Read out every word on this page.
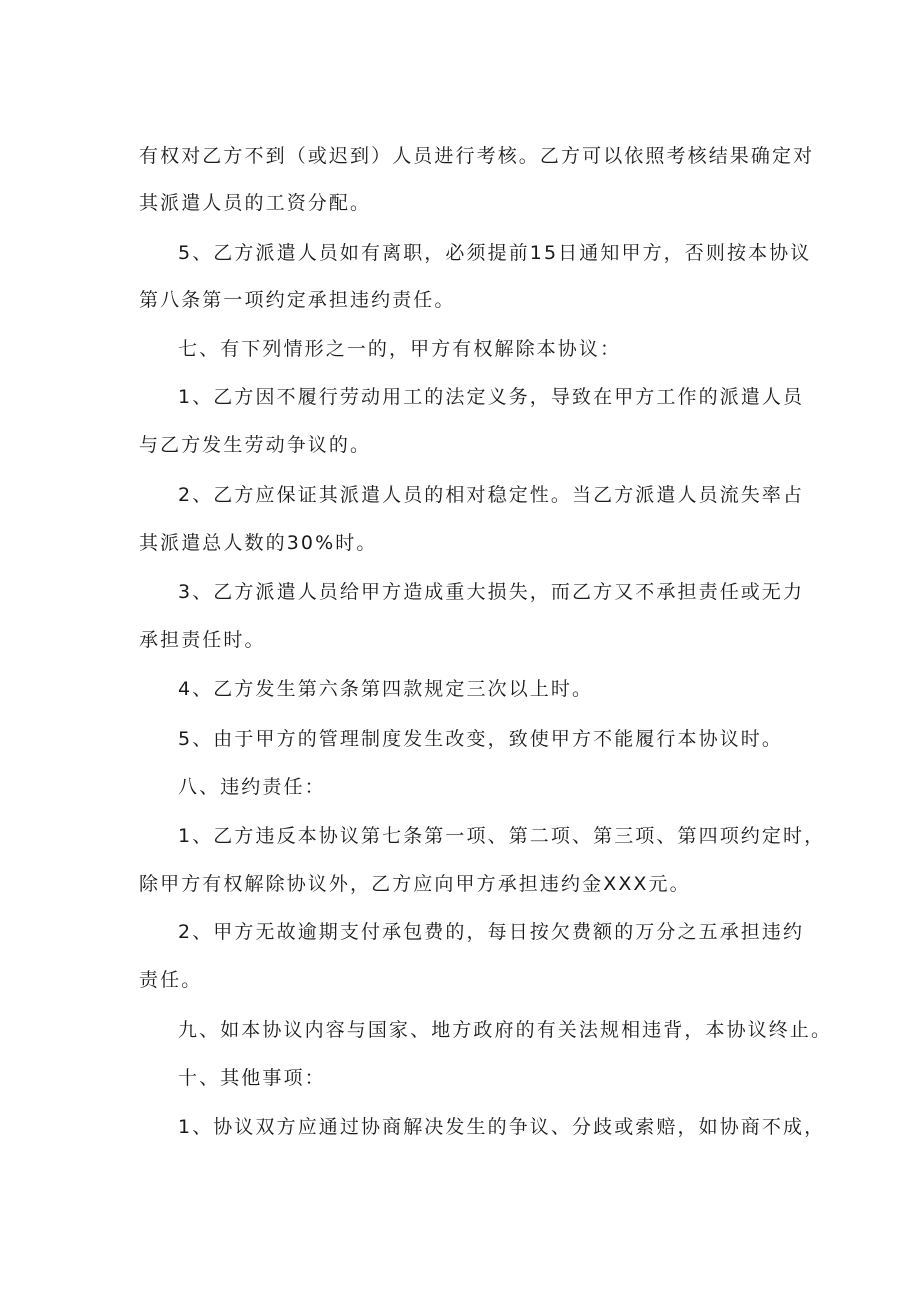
有权对乙方不到（或迟到）人员进行考核。乙方可以依照考核结果确定对
其派遣人员的工资分配。
5、乙方派遣人员如有离职，必须提前15日通知甲方，否则按本协议
第八条第一项约定承担违约责任。
七、有下列情形之一的，甲方有权解除本协议：
1、乙方因不履行劳动用工的法定义务，导致在甲方工作的派遣人员
与乙方发生劳动争议的。
2、乙方应保证其派遣人员的相对稳定性。当乙方派遣人员流失率占
其派遣总人数的30%时。
3、乙方派遣人员给甲方造成重大损失，而乙方又不承担责任或无力
承担责任时。
4、乙方发生第六条第四款规定三次以上时。
5、由于甲方的管理制度发生改变，致使甲方不能履行本协议时。
八、违约责任：
1、乙方违反本协议第七条第一项、第二项、第三项、第四项约定时，
除甲方有权解除协议外，乙方应向甲方承担违约金XXX元。
2、甲方无故逾期支付承包费的，每日按欠费额的万分之五承担违约
责任。
九、如本协议内容与国家、地方政府的有关法规相违背，本协议终止。
十、其他事项：
1、协议双方应通过协商解决发生的争议、分歧或索赔，如协商不成，
